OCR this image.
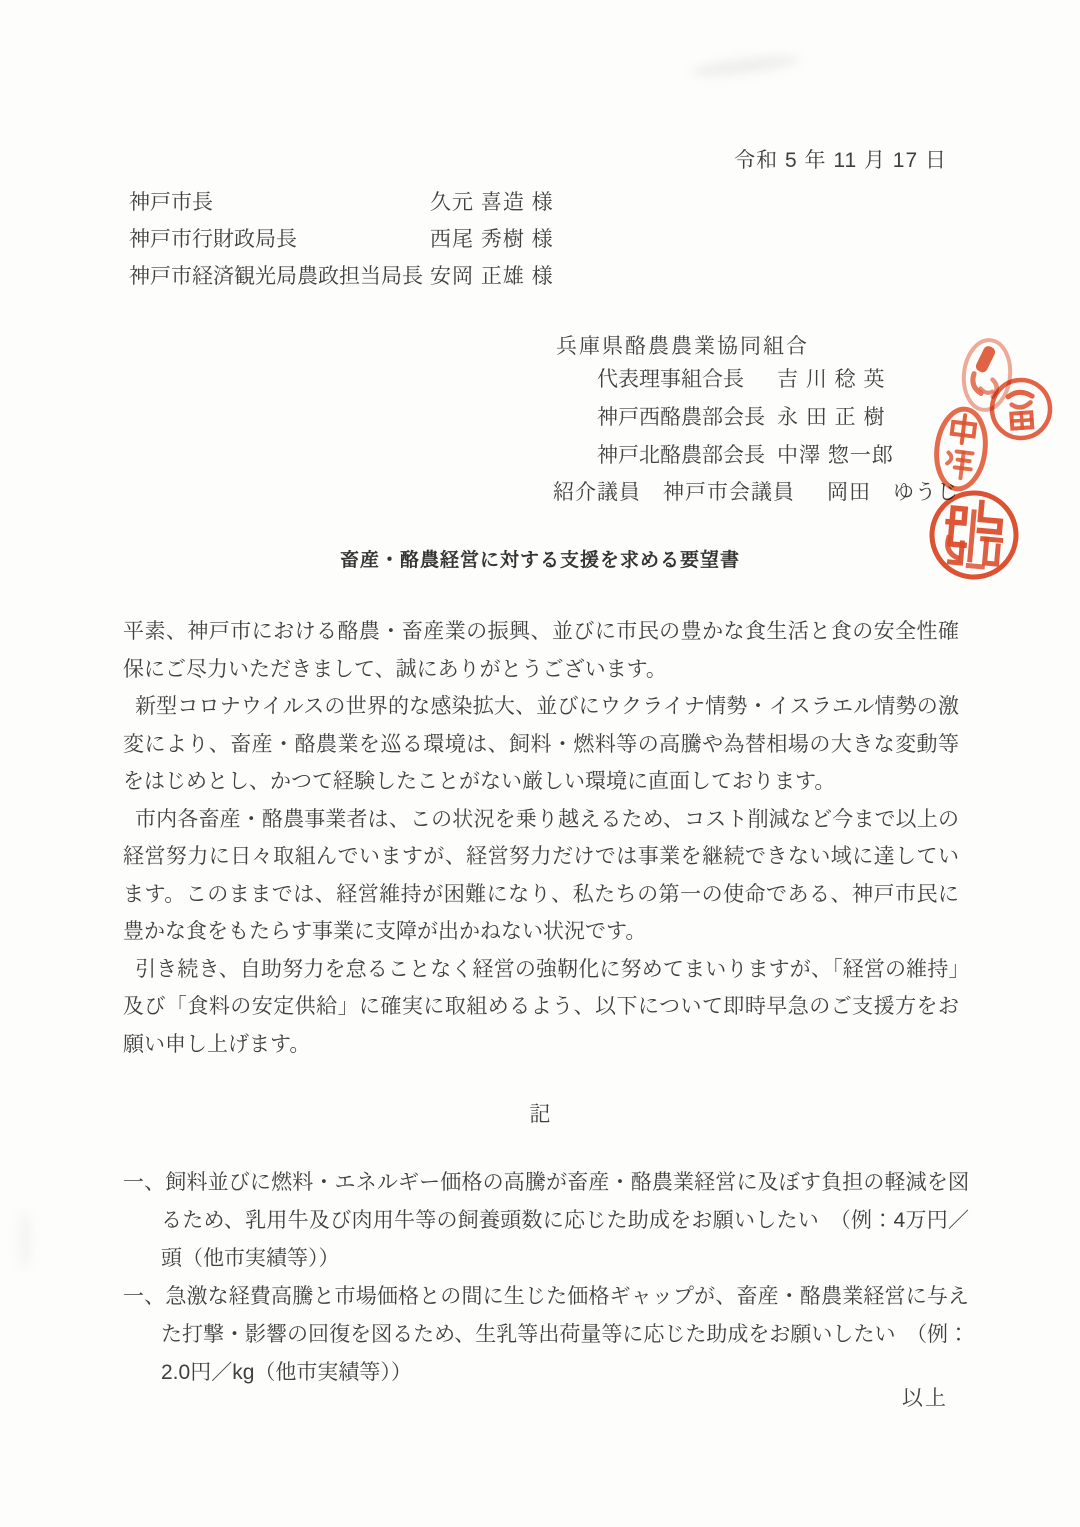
令和 5 年 11 月 17 日
神戸市長	久元 喜造 様
神戸市行財政局長	西尾 秀樹 様
神戸市経済観光局農政担当局長 安岡 正雄 様
兵庫県酪農農業協同組合
代表理事組合長 吉 川 稔 英
神戸西酪農部会長 永 田 正 樹
神戸北酪農部会長 中澤 惣一郎
紹介議員　神戸市会議員 岡田　ゆうじ
畜産・酪農経営に対する支援を求める要望書

平素、神戸市における酪農・畜産業の振興、並びに市民の豊かな食生活と食の安全性確保にご尽力いただきまして、誠にありがとうございます。

新型コロナウイルスの世界的な感染拡大、並びにウクライナ情勢・イスラエル情勢の激変により、畜産・酪農業を巡る環境は、飼料・燃料等の高騰や為替相場の大きな変動等をはじめとし、かつて経験したことがない厳しい環境に直面しております。

市内各畜産・酪農事業者は、この状況を乗り越えるため、コスト削減など今まで以上の経営努力に日々取組んでいますが、経営努力だけでは事業を継続できない域に達しています。このままでは、経営維持が困難になり、私たちの第一の使命である、神戸市民に豊かな食をもたらす事業に支障が出かねない状況です。

引き続き、自助努力を怠ることなく経営の強靭化に努めてまいりますが、「経営の維持」及び「食料の安定供給」に確実に取組めるよう、以下について即時早急のご支援方をお願い申し上げます。

記

一、飼料並びに燃料・エネルギー価格の高騰が畜産・酪農業経営に及ぼす負担の軽減を図るため、乳用牛及び肉用牛等の飼養頭数に応じた助成をお願いしたい　（例：4万円／頭（他市実績等））

一、急激な経費高騰と市場価格との間に生じた価格ギャップが、畜産・酪農業経営に与えた打撃・影響の回復を図るため、生乳等出荷量等に応じた助成をお願いしたい　（例：2.0円／kg（他市実績等））

以上
